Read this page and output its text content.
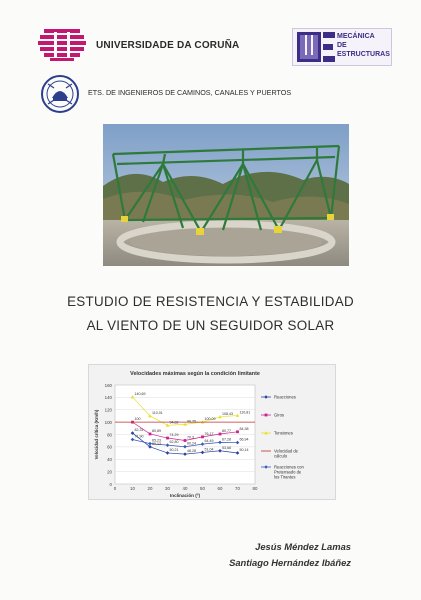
UNIVERSIDADE DA CORUÑA
ETS. DE INGENIEROS DE CAMINOS, CANALES Y PUERTOS
MECÁNICA
DE
ESTRUCTURAS
ESTUDIO DE RESISTENCIA Y ESTABILIDAD
AL VIENTO DE UN SEGUIDOR SOLAR
Velocidades máximas según la condición limitante
0
20
40
60
80
100
120
140
160
0	10	20	30	40	50	60	70	80
Inclinación (º)
Velocidad crítica (Km/h)	100
140,69
110,01
94,82 96,35
100,09
108,43 110,81
82,31
71,90
80,89
65,23
74,29
62,80
70,3
60,24
76,17
64,49
80,77
67,28
84,38
66,94
60,13
50,21 48,28 51,04 53,68
50,14
Reacciones
Giros
Tensiones
Velocidad de
cálculo
Reacciones con
Pretensado de
los Tirantes
Jesús Méndez Lamas
Santiago Hernández Ibáñez
